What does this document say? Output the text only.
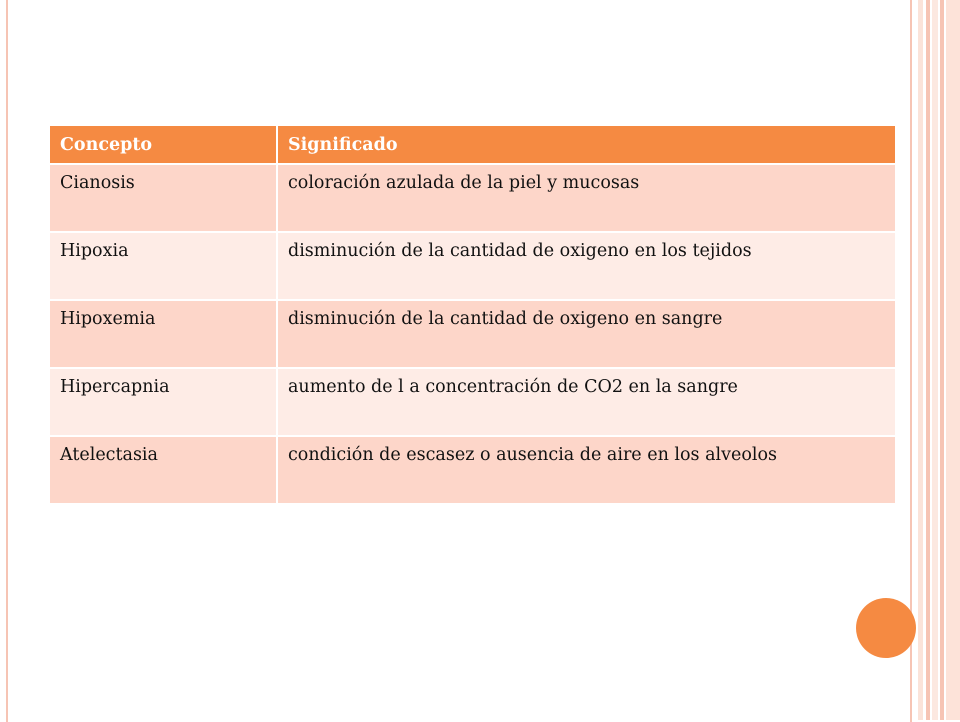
Concepto	Significado
Cianosis	coloración azulada de la piel y mucosas
Hipoxia	disminución de la cantidad de oxigeno en los tejidos
Hipoxemia	disminución de la cantidad de oxigeno en sangre
Hipercapnia	aumento de l a concentración de CO2 en la sangre
Atelectasia	condición de escasez o ausencia de aire en los alveolos
